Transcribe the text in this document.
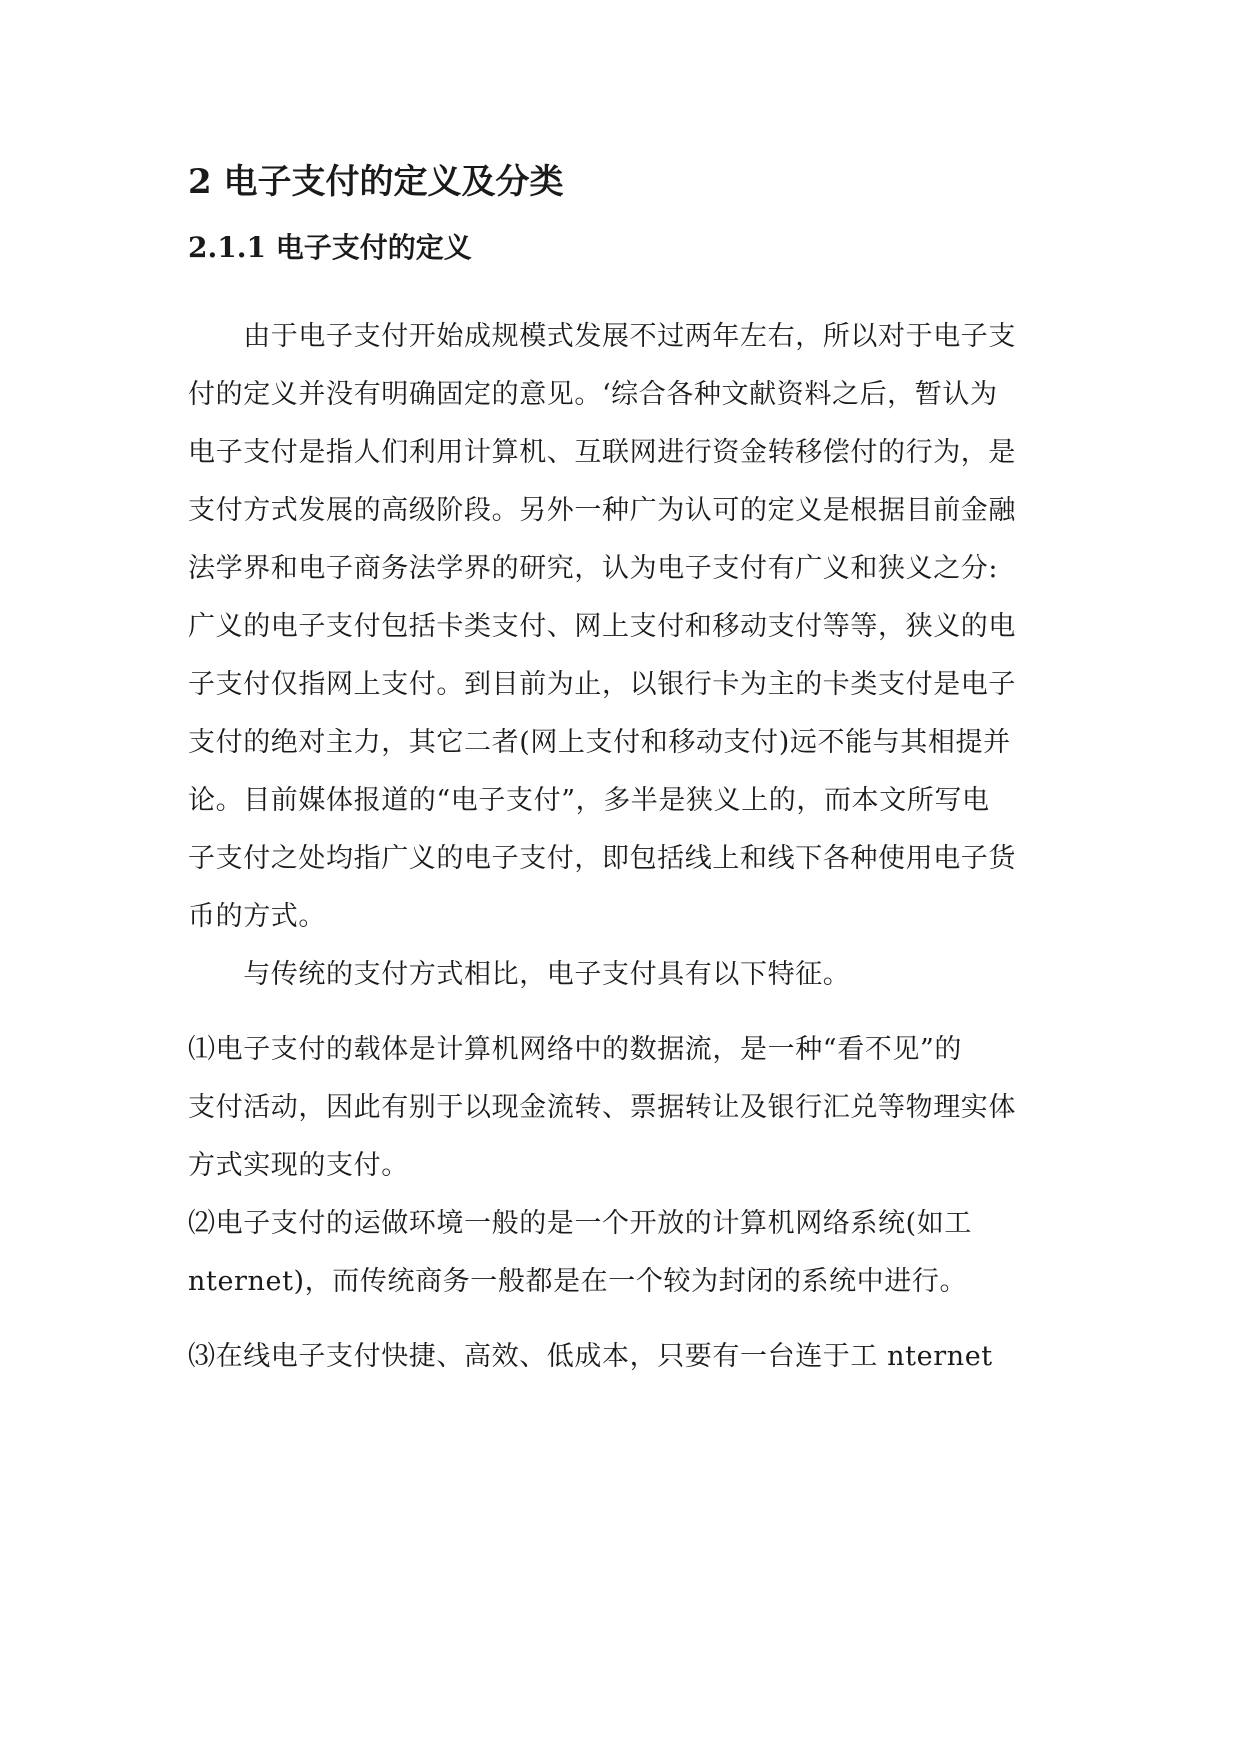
2 电子支付的定义及分类
2.1.1 电子支付的定义
　　由于电子支付开始成规模式发展不过两年左右，所以对于电子支
付的定义并没有明确固定的意见。‘综合各种文献资料之后，暂认为
电子支付是指人们利用计算机、互联网进行资金转移偿付的行为，是
支付方式发展的高级阶段。另外一种广为认可的定义是根据目前金融
法学界和电子商务法学界的研究，认为电子支付有广义和狭义之分:
广义的电子支付包括卡类支付、网上支付和移动支付等等，狭义的电
子支付仅指网上支付。到目前为止，以银行卡为主的卡类支付是电子
支付的绝对主力，其它二者(网上支付和移动支付)远不能与其相提并
论。目前媒体报道的“电子支付”，多半是狭义上的，而本文所写电
子支付之处均指广义的电子支付，即包括线上和线下各种使用电子货
币的方式。
　　与传统的支付方式相比，电子支付具有以下特征。
⑴电子支付的载体是计算机网络中的数据流，是一种“看不见”的
支付活动，因此有别于以现金流转、票据转让及银行汇兑等物理实体
方式实现的支付。
⑵电子支付的运做环境一般的是一个开放的计算机网络系统(如工
nternet)，而传统商务一般都是在一个较为封闭的系统中进行。
⑶在线电子支付快捷、高效、低成本，只要有一台连于工 nternet
